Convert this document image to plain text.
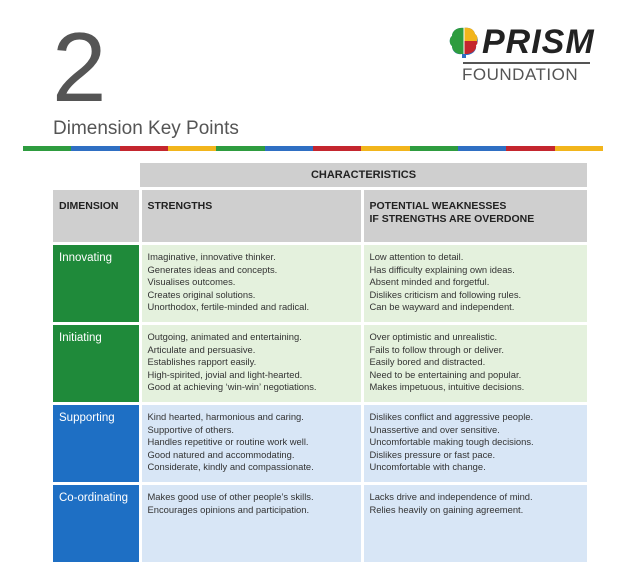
2
Dimension Key Points
PRISM
FOUNDATION
	CHARACTERISTICS	
DIMENSION	STRENGTHS	POTENTIAL WEAKNESSES
IF STRENGTHS ARE OVERDONE

Innovating	Imaginative, innovative thinker.
Generates ideas and concepts.
Visualises outcomes.
Creates original solutions.
Unorthodox, fertile-minded and radical.	Low attention to detail.
Has difficulty explaining own ideas.
Absent minded and forgetful.
Dislikes criticism and following rules.
Can be wayward and independent.

Initiating	Outgoing, animated and entertaining.
Articulate and persuasive.
Establishes rapport easily.
High-spirited, jovial and light-hearted.
Good at achieving ‘win-win’ negotiations.	Over optimistic and unrealistic.
Fails to follow through or deliver.
Easily bored and distracted.
Need to be entertaining and popular.
Makes impetuous, intuitive decisions.

Supporting	Kind hearted, harmonious and caring.
Supportive of others.
Handles repetitive or routine work well.
Good natured and accommodating.
Considerate, kindly and compassionate.	Dislikes conflict and aggressive people.
Unassertive and over sensitive.
Uncomfortable making tough decisions.
Dislikes pressure or fast pace.
Uncomfortable with change.

Co-ordinating	Makes good use of other people’s skills.
Encourages opinions and participation.	Lacks drive and independence of mind.
Relies heavily on gaining agreement.
